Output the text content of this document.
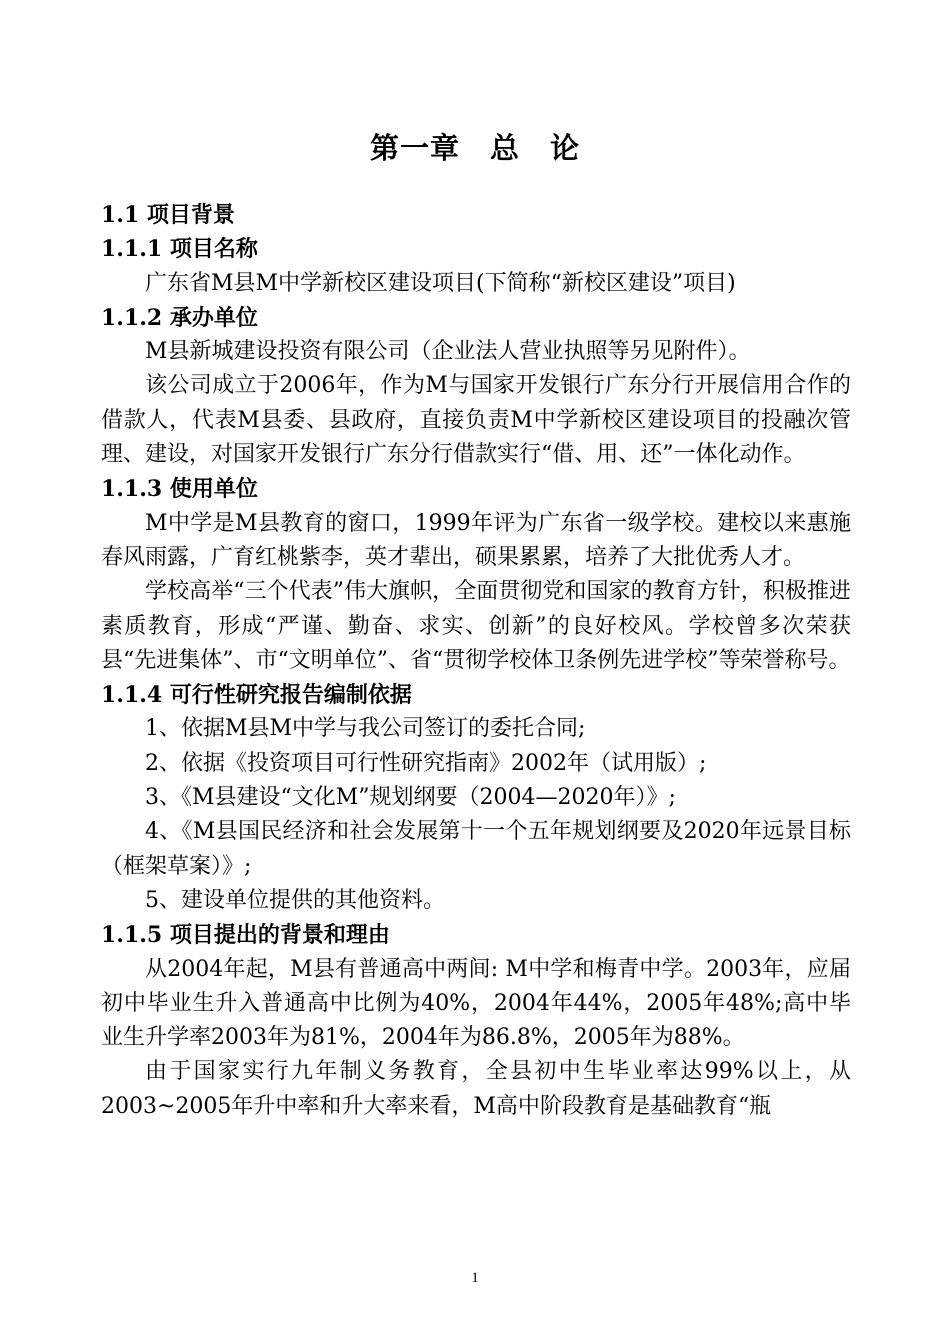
第一章　总　论

1.1 项目背景

1.1.1 项目名称

广东省M县M中学新校区建设项目(下简称“新校区建设”项目)

1.1.2 承办单位

M县新城建设投资有限公司（企业法人营业执照等另见附件）。

该公司成立于2006年，作为M与国家开发银行广东分行开展信用合作的借款人，代表M县委、县政府，直接负责M中学新校区建设项目的投融次管理、建设，对国家开发银行广东分行借款实行“借、用、还”一体化动作。

1.1.3 使用单位

M中学是M县教育的窗口，1999年评为广东省一级学校。建校以来惠施春风雨露，广育红桃紫李，英才辈出，硕果累累，培养了大批优秀人才。

学校高举“三个代表”伟大旗帜，全面贯彻党和国家的教育方针，积极推进素质教育，形成“严谨、勤奋、求实、创新”的良好校风。学校曾多次荣获县“先进集体”、市“文明单位”、省“贯彻学校体卫条例先进学校”等荣誉称号。

1.1.4 可行性研究报告编制依据

1、依据M县M中学与我公司签订的委托合同;

2、依据《投资项目可行性研究指南》2002年（试用版）;

3、《M县建设“文化M”规划纲要（2004—2020年）》;

4、《M县国民经济和社会发展第十一个五年规划纲要及2020年远景目标（框架草案）》;

5、建设单位提供的其他资料。

1.1.5 项目提出的背景和理由

从2004年起，M县有普通高中两间: M中学和梅青中学。2003年，应届初中毕业生升入普通高中比例为40%，2004年44%，2005年48%;高中毕业生升学率2003年为81%，2004年为86.8%，2005年为88%。

由于国家实行九年制义务教育，全县初中生毕业率达99%以上，从2003~2005年升中率和升大率来看，M高中阶段教育是基础教育“瓶

1
